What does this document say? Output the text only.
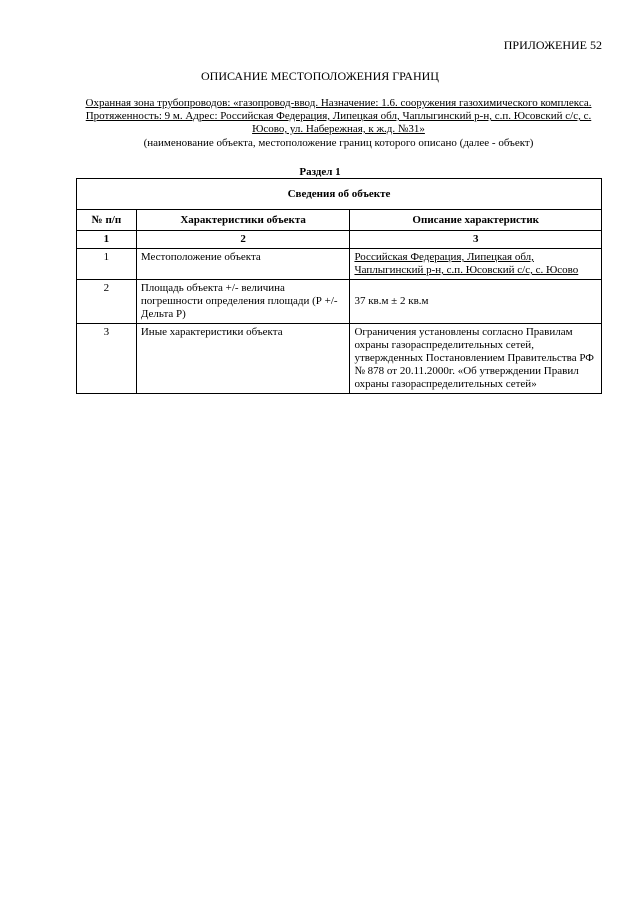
ПРИЛОЖЕНИЕ 52
ОПИСАНИЕ МЕСТОПОЛОЖЕНИЯ ГРАНИЦ
Охранная зона трубопроводов: «газопровод-ввод. Назначение: 1.6. сооружения газохимического комплекса. Протяженность: 9 м. Адрес: Российская Федерация, Липецкая обл, Чаплыгинский р-н, с.п. Юсовский с/с, с. Юсово, ул. Набережная, к ж.д. №31»
(наименование объекта, местоположение границ которого описано (далее - объект)
Раздел 1
Сведения об объекте		
№ п/п	Характеристики объекта	Описание характеристик
1	2	3
1	Местоположение объекта	Российская Федерация, Липецкая обл, Чаплыгинский р-н, с.п. Юсовский с/с, с. Юсово
2	Площадь объекта +/- величина погрешности определения площади (Р +/- Дельта Р)	37 кв.м ± 2 кв.м
3	Иные характеристики объекта	Ограничения установлены согласно Правилам охраны газораспределительных сетей, утвержденных Постановлением Правительства РФ № 878 от 20.11.2000г. «Об утверждении Правил охраны газораспределительных сетей»
